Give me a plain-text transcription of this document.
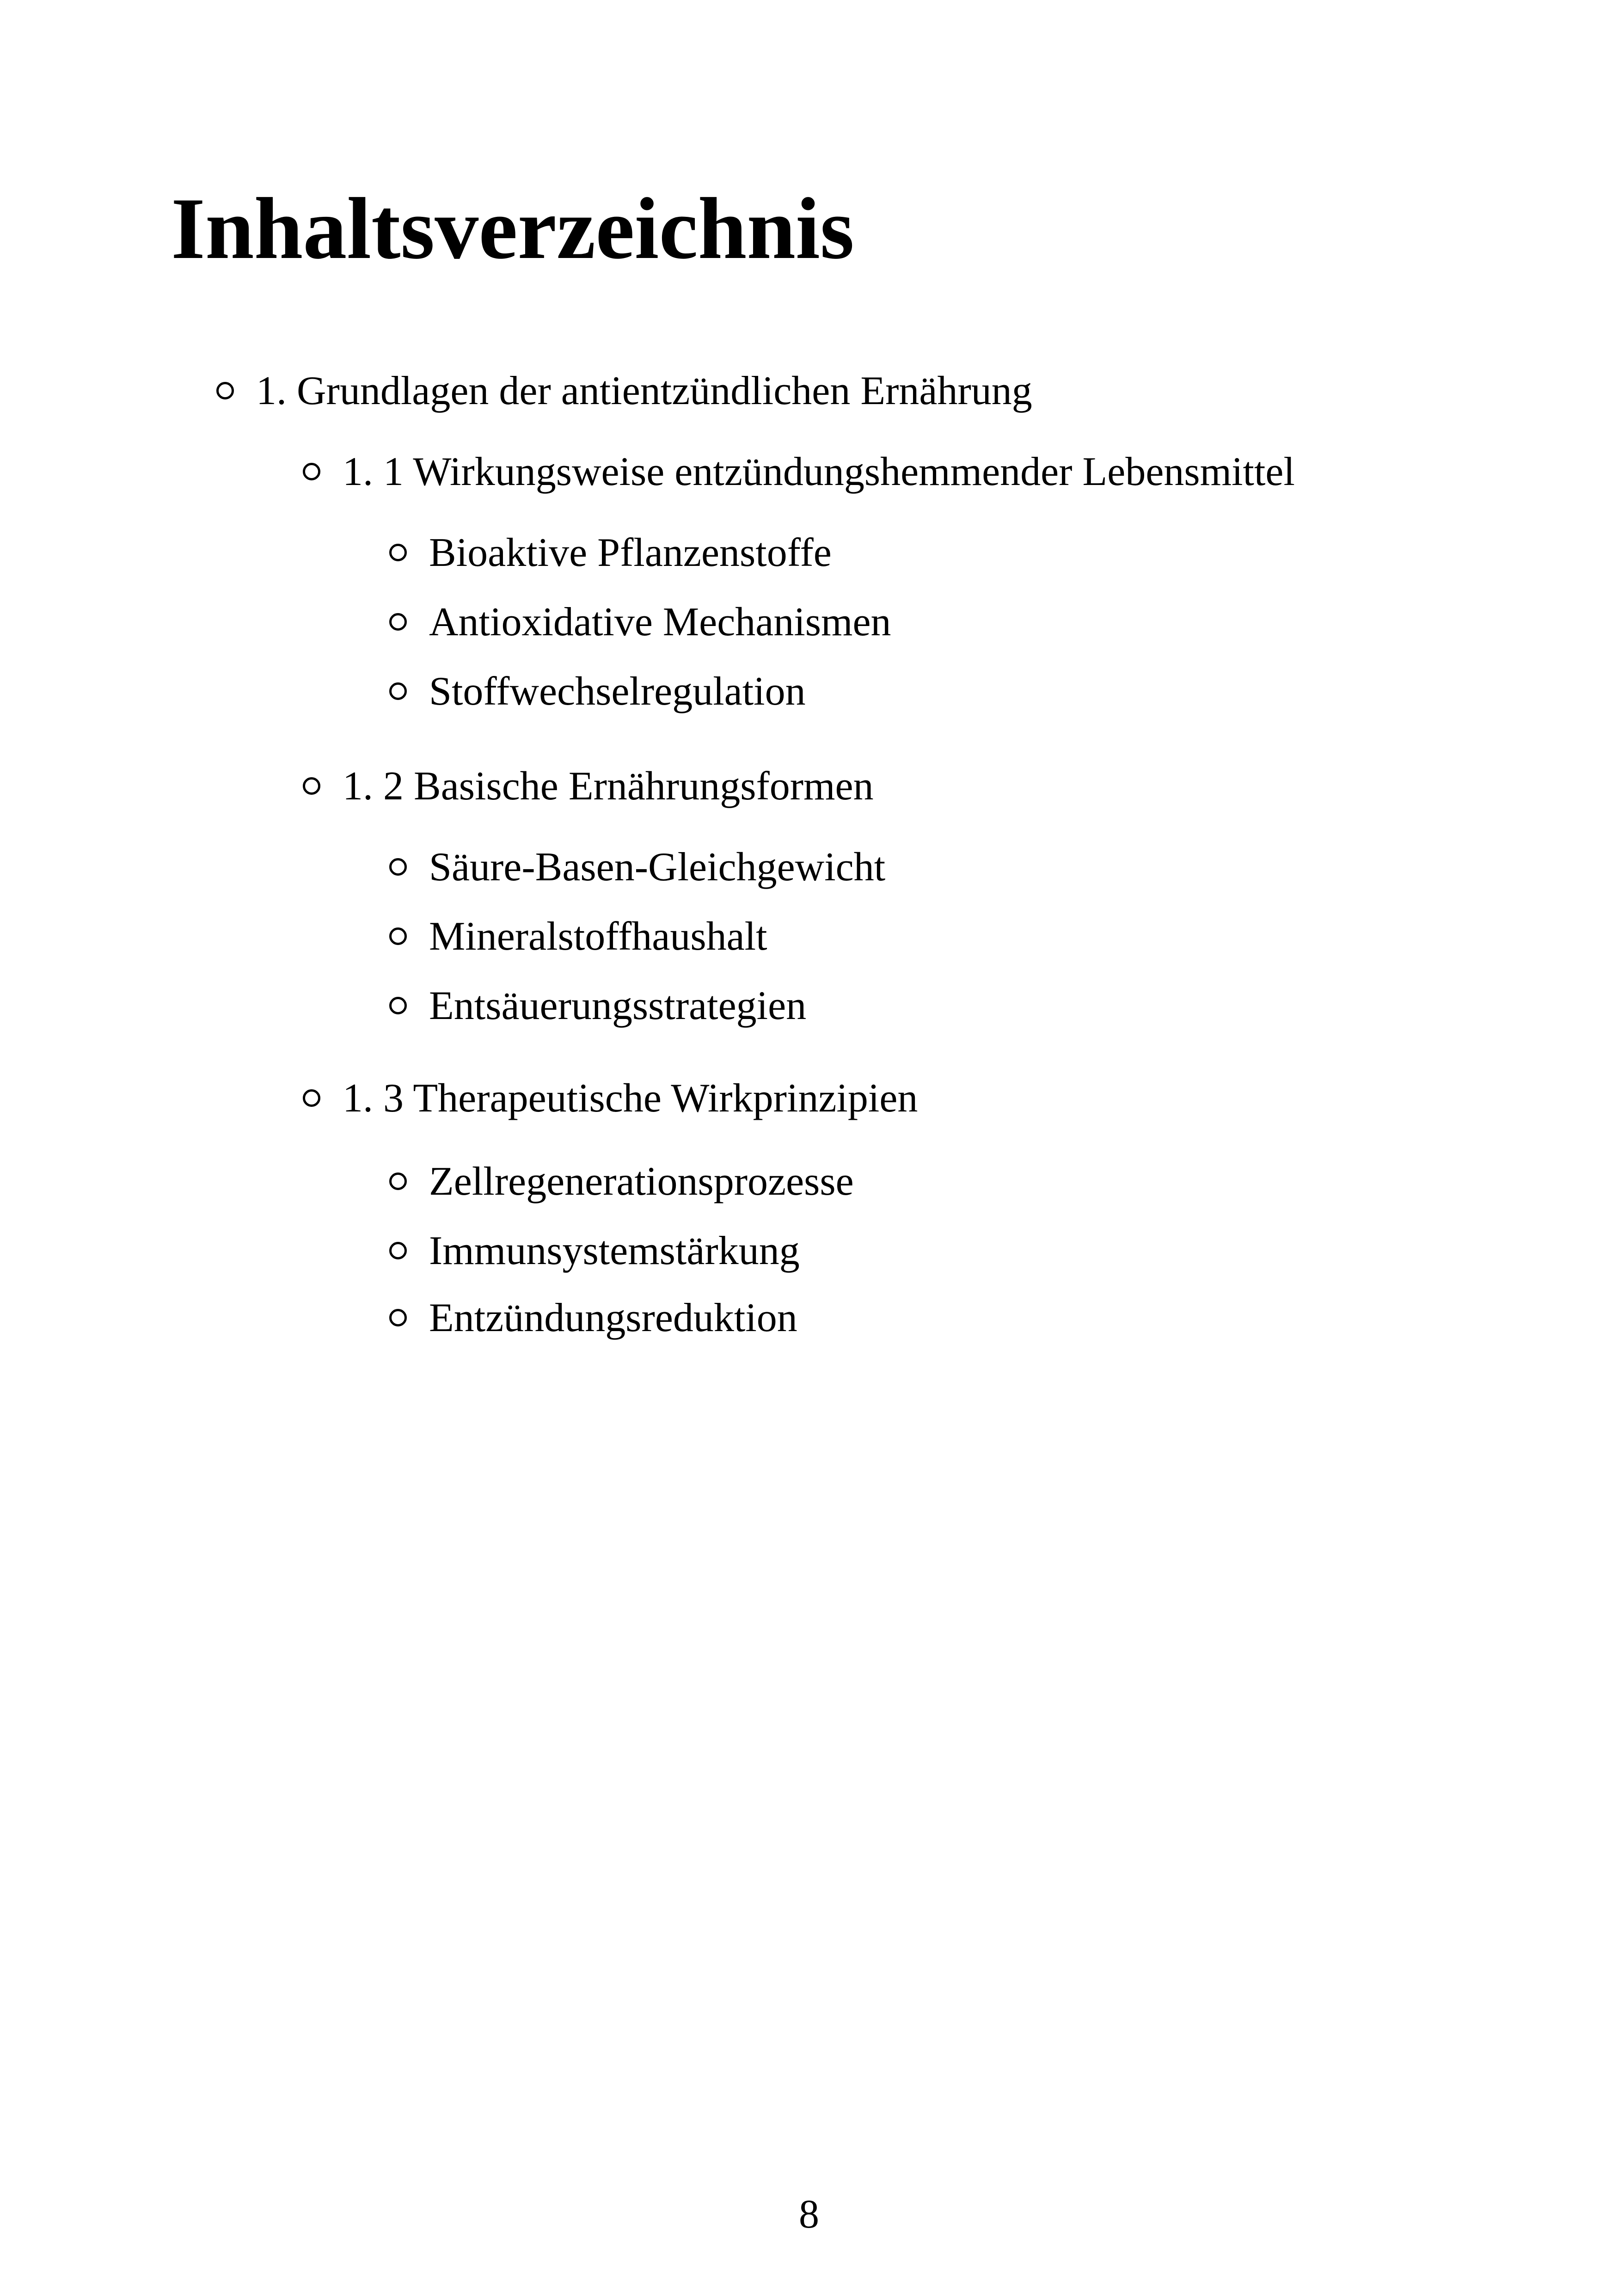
Inhaltsverzeichnis
1. Grundlagen der antientzündlichen Ernährung
1. 1 Wirkungsweise entzündungshemmender Lebensmittel
Bioaktive Pflanzenstoffe
Antioxidative Mechanismen
Stoffwechselregulation
1. 2 Basische Ernährungsformen
Säure-Basen-Gleichgewicht
Mineralstoffhaushalt
Entsäuerungsstrategien
1. 3 Therapeutische Wirkprinzipien
Zellregenerationsprozesse
Immunsystemstärkung
Entzündungsreduktion
8
